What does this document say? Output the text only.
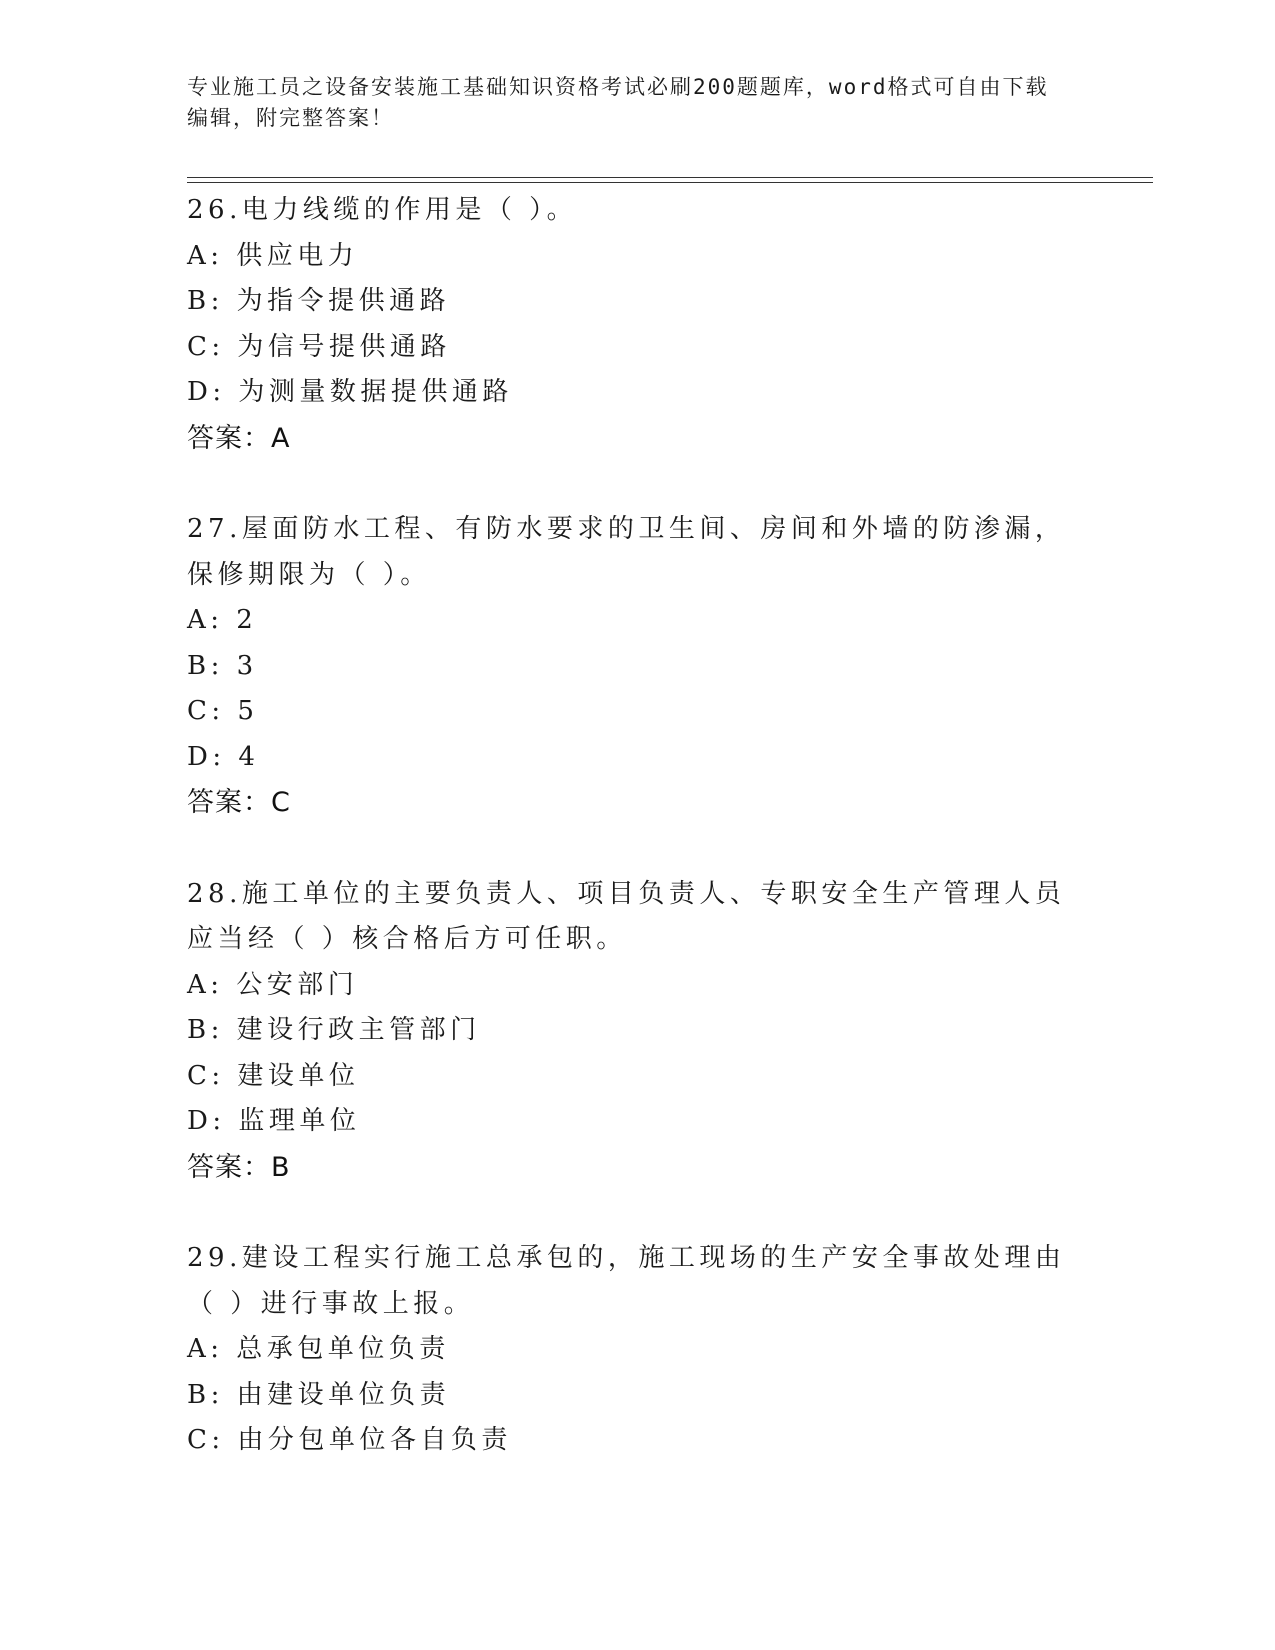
专业施工员之设备安装施工基础知识资格考试必刷200题题库，word格式可自由下载编辑，附完整答案！
26.电力线缆的作用是（ ）。
A: 供应电力
B: 为指令提供通路
C: 为信号提供通路
D: 为测量数据提供通路
答案：A
27.屋面防水工程、有防水要求的卫生间、房间和外墙的防渗漏，保修期限为（ ）。
A: 2
B: 3
C: 5
D: 4
答案：C
28.施工单位的主要负责人、项目负责人、专职安全生产管理人员应当经（ ）核合格后方可任职。
A: 公安部门
B: 建设行政主管部门
C: 建设单位
D: 监理单位
答案：B
29.建设工程实行施工总承包的，施工现场的生产安全事故处理由（ ）进行事故上报。
A: 总承包单位负责
B: 由建设单位负责
C: 由分包单位各自负责
